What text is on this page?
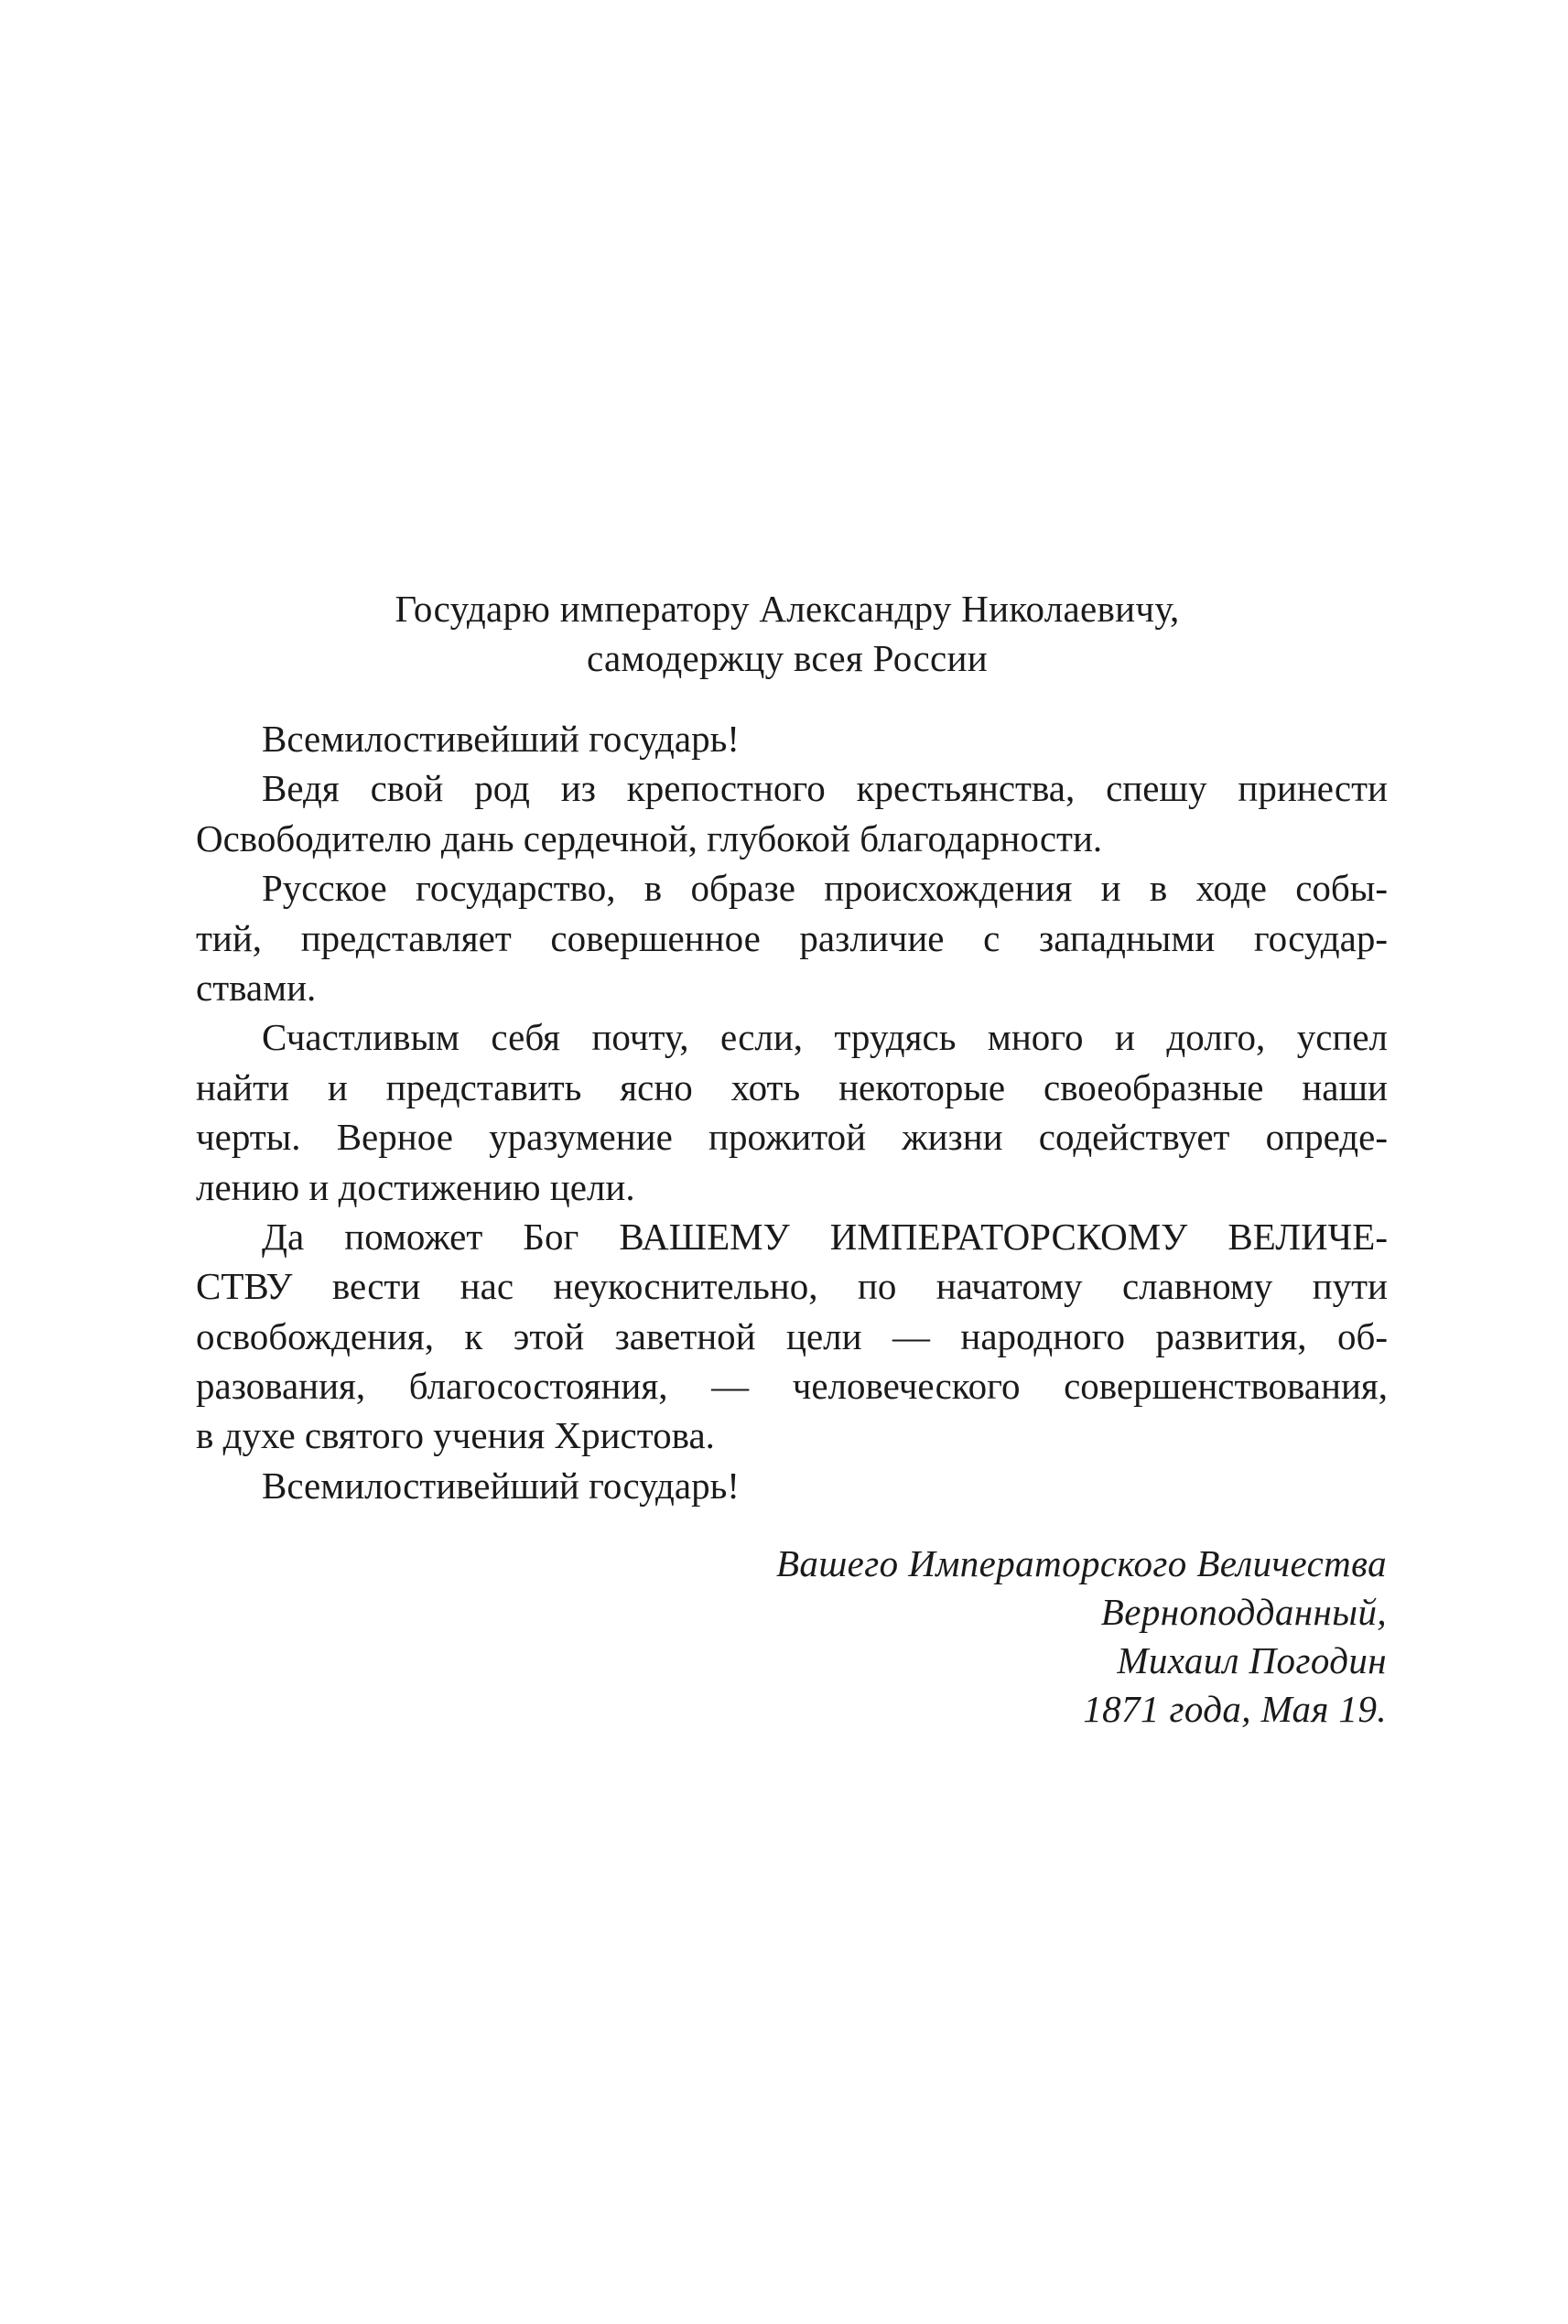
Государю императору Александру Николаевичу,
самодержцу всея России
Всемилостивейший государь!
Ведя свой род из крепостного крестьянства, спешу принести
Освободителю дань сердечной, глубокой благодарности.
Русское государство, в образе происхождения и в ходе собы-
тий, представляет совершенное различие с западными государ-
ствами.
Счастливым себя почту, если, трудясь много и долго, успел
найти и представить ясно хоть некоторые своеобразные наши
черты. Верное уразумение прожитой жизни содействует опреде-
лению и достижению цели.
Да поможет Бог ВАШЕМУ ИМПЕРАТОРСКОМУ ВЕЛИЧЕ-
СТВУ вести нас неукоснительно, по начатому славному пути
освобождения, к этой заветной цели — народного развития, об-
разования, благосостояния, — человеческого совершенствования,
в духе святого учения Христова.
Всемилостивейший государь!
Вашего Императорского Величества
Верноподданный,
Михаил Погодин
1871 года, Мая 19.
